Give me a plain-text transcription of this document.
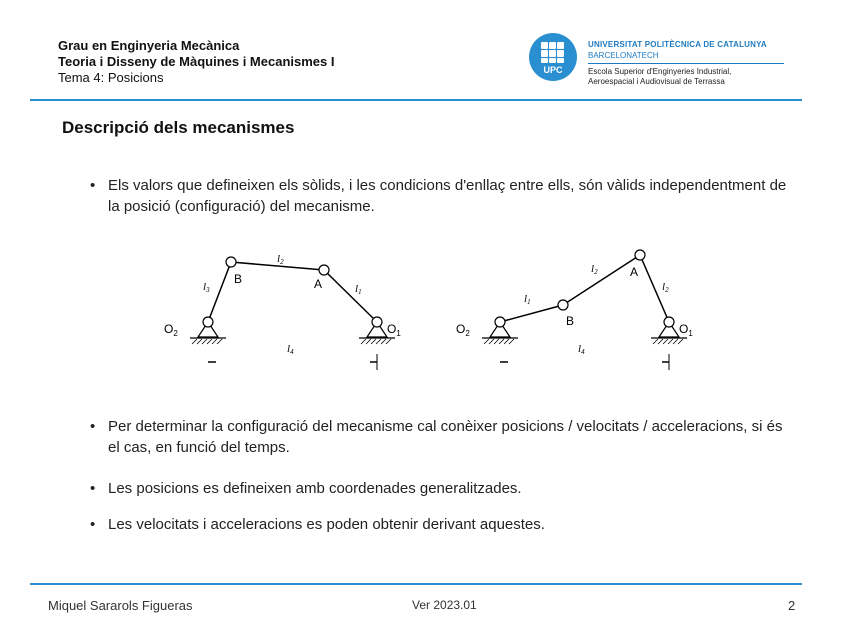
Grau en Enginyeria Mecànica
Teoria i Disseny de Màquines i Mecanismes I
Tema 4: Posicions	UPC
UNIVERSITAT POLITÈCNICA DE CATALUNYA
BARCELONATECH
Escola Superior d'Enginyeries Industrial,
Aeroespacial i Audiovisual de Terrassa
Descripció dels mecanismes
• Els valors que defineixen els sòlids, i les condicions d'enllaç entre ells, són vàlids independentment de la posició (configuració) del mecanisme.
B	A
$O_2$	$O_1$
l3
l2
l1
l4
B
A
$O_2$	$O_1$
l1
l2
l2
l4
• Per determinar la configuració del mecanisme cal conèixer posicions / velocitats / acceleracions, si és el cas, en funció del temps.
• Les posicions es defineixen amb coordenades generalitzades.
• Les velocitats i acceleracions es poden obtenir derivant aquestes.
Miquel Sararols Figueras	Ver 2023.01	2
